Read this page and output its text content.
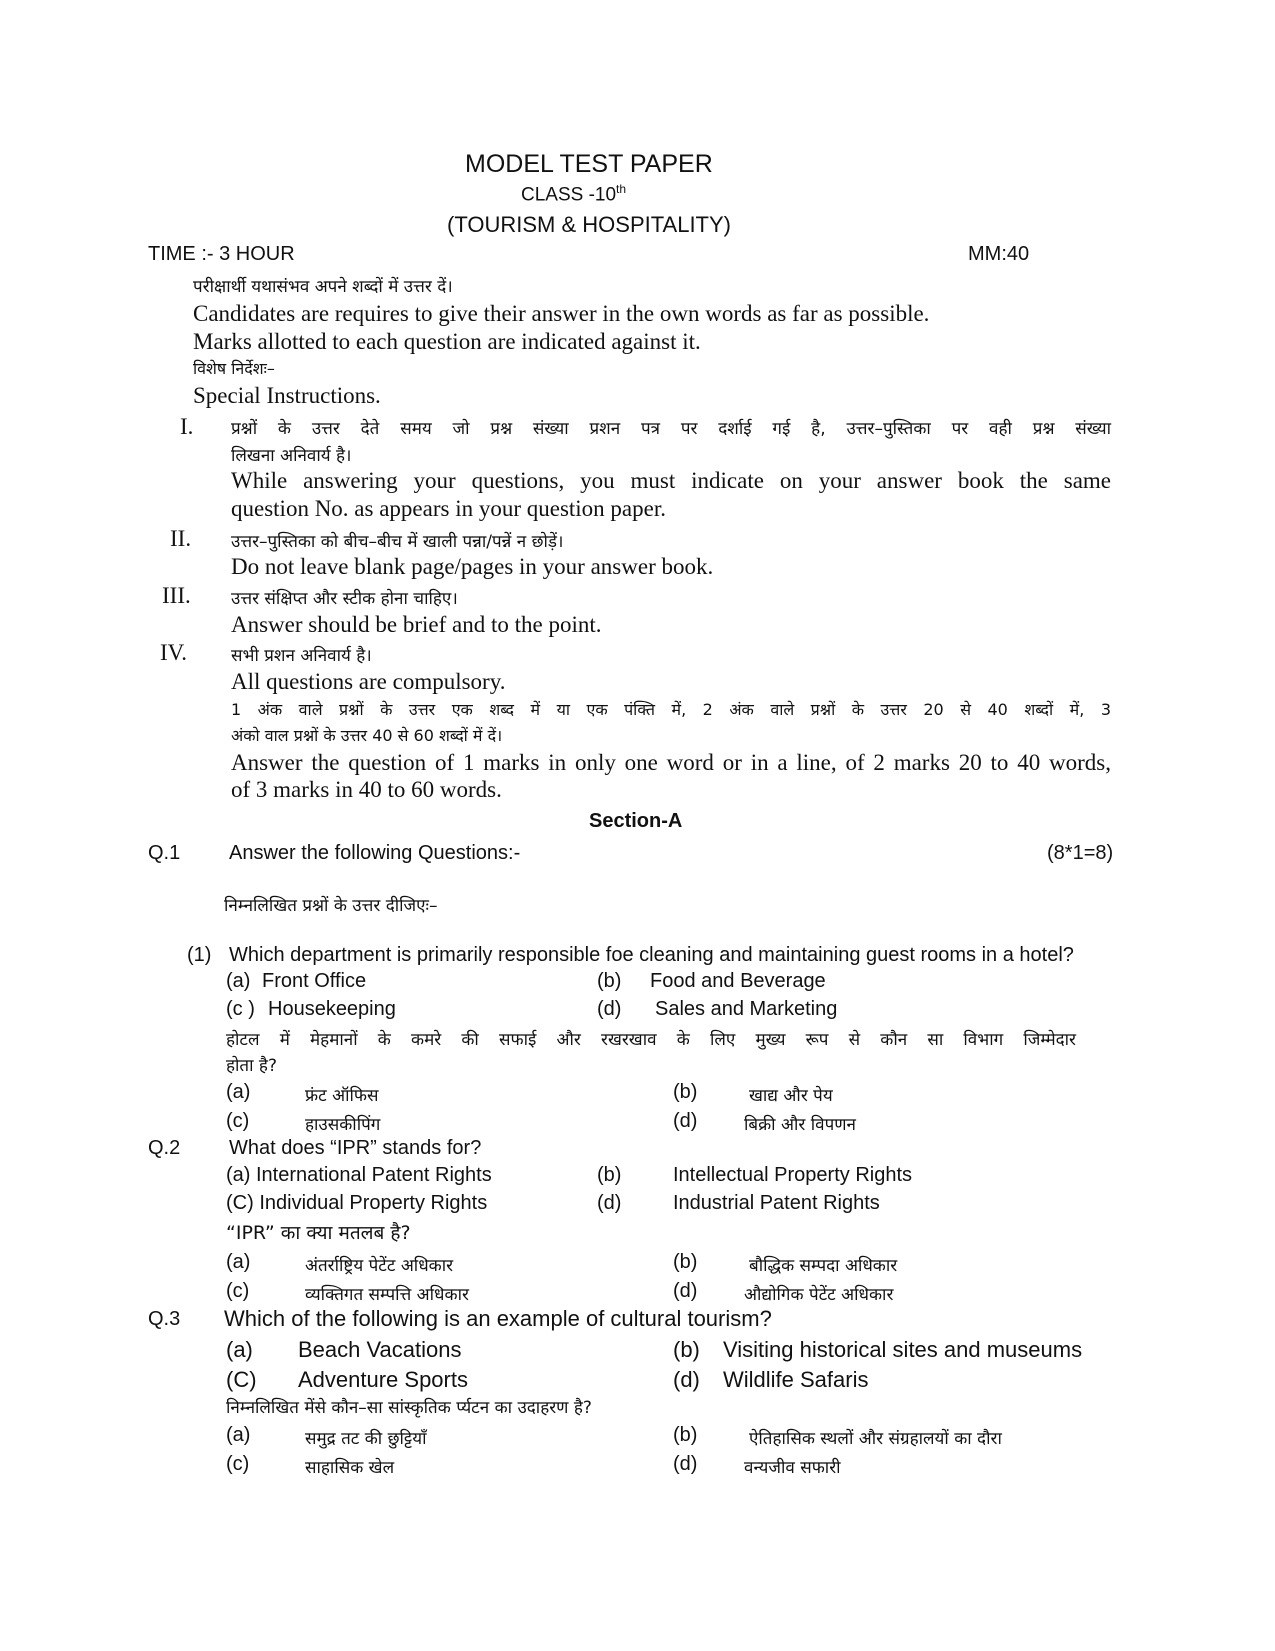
MODEL TEST PAPER
CLASS -10th
(TOURISM & HOSPITALITY)
TIME :- 3 HOUR	MM:40
परीक्षार्थी यथासंभव अपने शब्दों में उत्तर दें।
Candidates are requires to give their answer in the own words as far as possible.
Marks allotted to each question are indicated against it.
विशेष निर्देशः–
Special Instructions.
I. प्रश्नों के उत्तर देते समय जो प्रश्न संख्या प्रशन पत्र पर दर्शाई गई है, उत्तर–पुस्तिका पर वही प्रश्न संख्या
लिखना अनिवार्य है।
While answering your questions, you must indicate on your answer book the same
question No. as appears in your question paper.
II. उत्तर–पुस्तिका को बीच–बीच में खाली पन्ना/पन्नें न छोड़ें।
Do not leave blank page/pages in your answer book.
III. उत्तर संक्षिप्त और स्टीक होना चाहिए।
Answer should be brief and to the point.
IV.	सभी प्रशन अनिवार्य है।
All questions are compulsory.
1 अंक वाले प्रश्नों के उत्तर एक शब्द में या एक पंक्ति में, 2 अंक वाले प्रश्नों के उत्तर 20 से 40 शब्दों में, 3
अंको वाल प्रश्नों के उत्तर 40 से 60 शब्दों में दें।
Answer the question of 1 marks in only one word or in a line, of 2 marks 20 to 40 words,
of 3 marks in 40 to 60 words.
Section-A
Q.1 Answer the following Questions:-	(8*1=8)
निम्नलिखित प्रश्नों के उत्तर दीजिएः–
(1) Which department is primarily responsible foe cleaning and maintaining guest rooms in a hotel?
(a) Front Office	(b) Food and Beverage
(c ) Housekeeping	(d) Sales and Marketing
होटल में मेहमानों के कमरे की सफाई और रखरखाव के लिए मुख्य रूप से कौन सा विभाग जिम्मेदार
होता है?
(a)	फ्रंट ऑफिस	(b)	खाद्य और पेय
(c)	हाउसकीपिंग	(d)	बिक्री और विपणन
Q.2 What does “IPR” stands for?
(a) International Patent Rights	(b)	Intellectual Property Rights
(C) Individual Property Rights	(d)	Industrial Patent Rights
“IPR” का क्या मतलब है?
(a)	अंतर्राष्ट्रिय पेटेंट अधिकार	(b)	बौद्धिक सम्पदा अधिकार
(c)	व्यक्तिगत सम्पत्ति अधिकार	(d)	औद्योगिक पेटेंट अधिकार
Q.3 Which of the following is an example of cultural tourism?
(a) Beach Vacations	(b) Visiting historical sites and museums
(C) Adventure Sports	(d) Wildlife Safaris
निम्नलिखित मेंसे कौन–सा सांस्कृतिक र्प्यटन का उदाहरण है?
(a)	समुद्र तट की छुट्टियाँ	(b)	ऐतिहासिक स्थलों और संग्रहालयों का दौरा
(c)	साहासिक खेल	(d)	वन्यजीव सफारी
